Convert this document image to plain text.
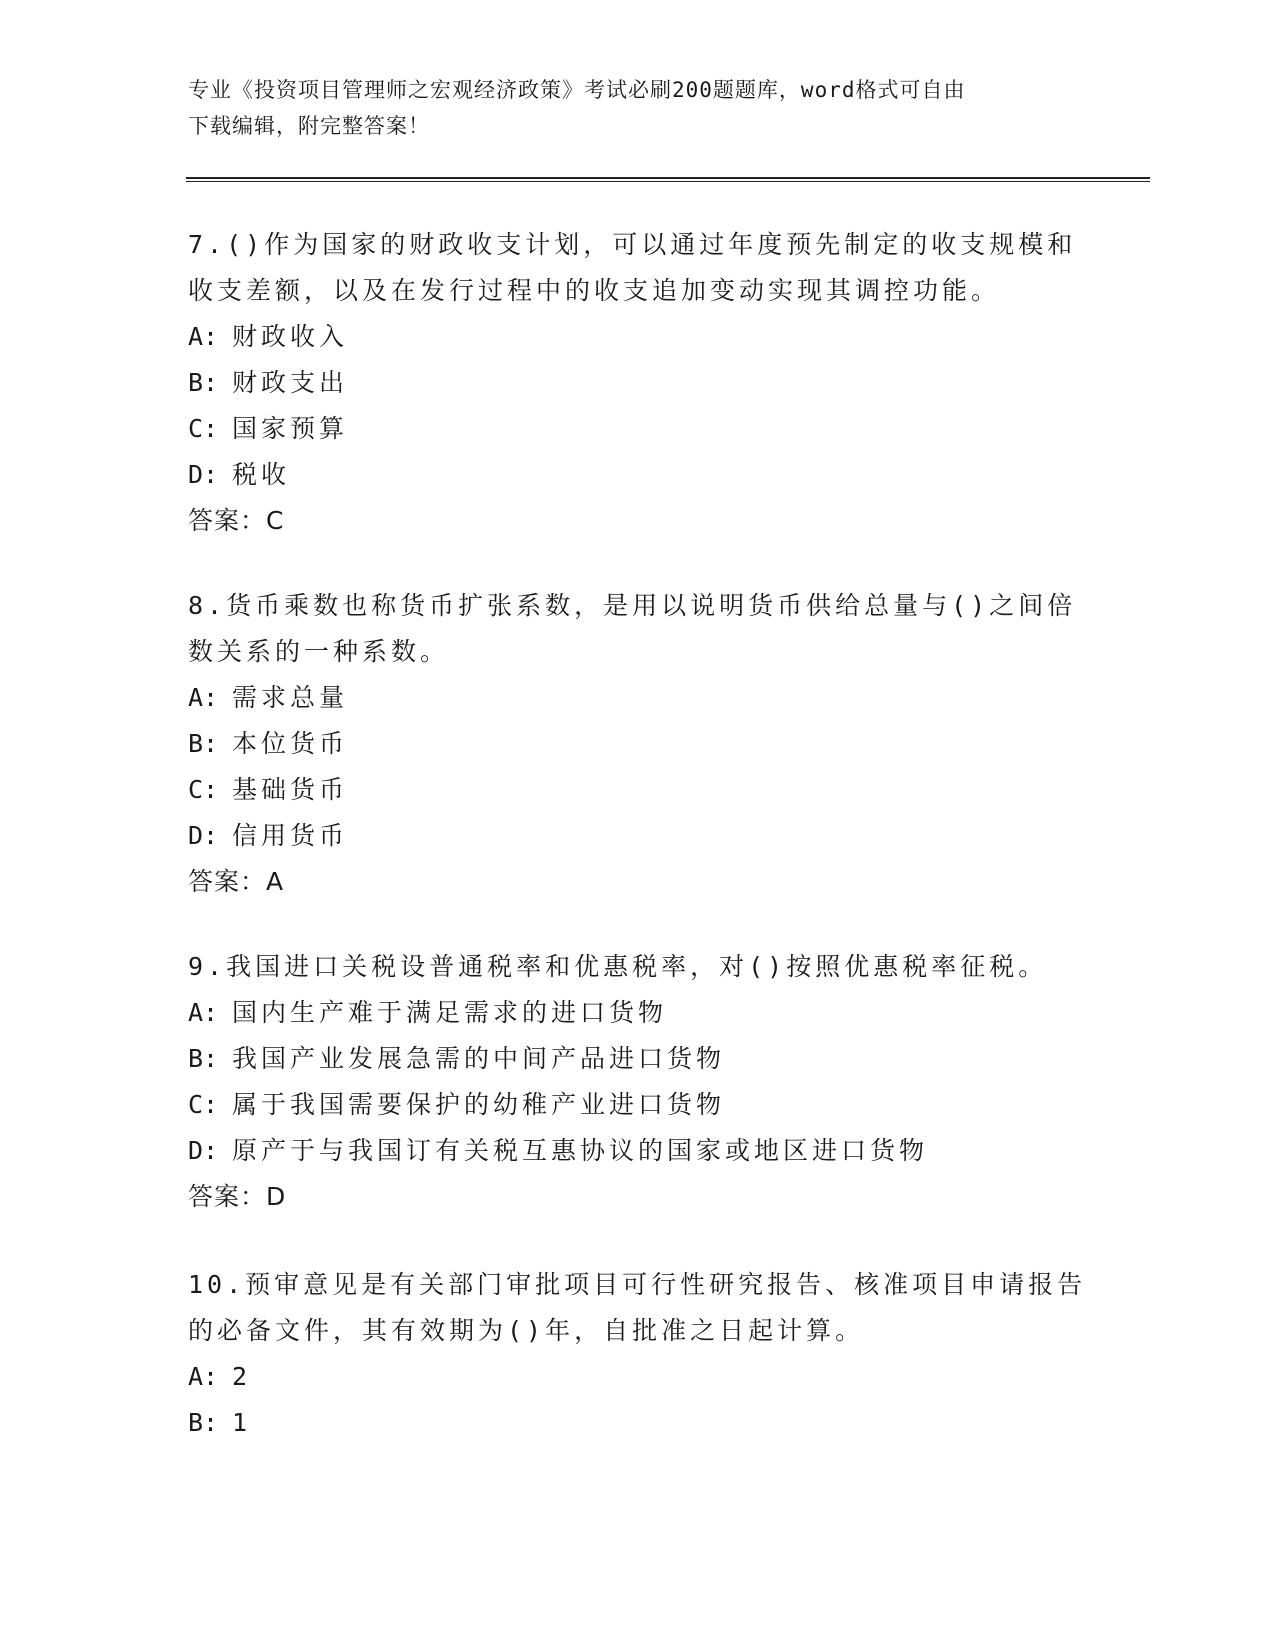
专业《投资项目管理师之宏观经济政策》考试必刷200题题库，word格式可自由
下载编辑，附完整答案！

7.()作为国家的财政收支计划，可以通过年度预先制定的收支规模和

收支差额，以及在发行过程中的收支追加变动实现其调控功能。

A: 财政收入

B: 财政支出

C: 国家预算

D: 税收

答案：C

8.货币乘数也称货币扩张系数，是用以说明货币供给总量与()之间倍

数关系的一种系数。

A: 需求总量

B: 本位货币

C: 基础货币

D: 信用货币

答案：A

9.我国进口关税设普通税率和优惠税率，对()按照优惠税率征税。

A: 国内生产难于满足需求的进口货物

B: 我国产业发展急需的中间产品进口货物

C: 属于我国需要保护的幼稚产业进口货物

D: 原产于与我国订有关税互惠协议的国家或地区进口货物

答案：D

10.预审意见是有关部门审批项目可行性研究报告、核准项目申请报告

的必备文件，其有效期为()年，自批准之日起计算。

A: 2

B: 1
